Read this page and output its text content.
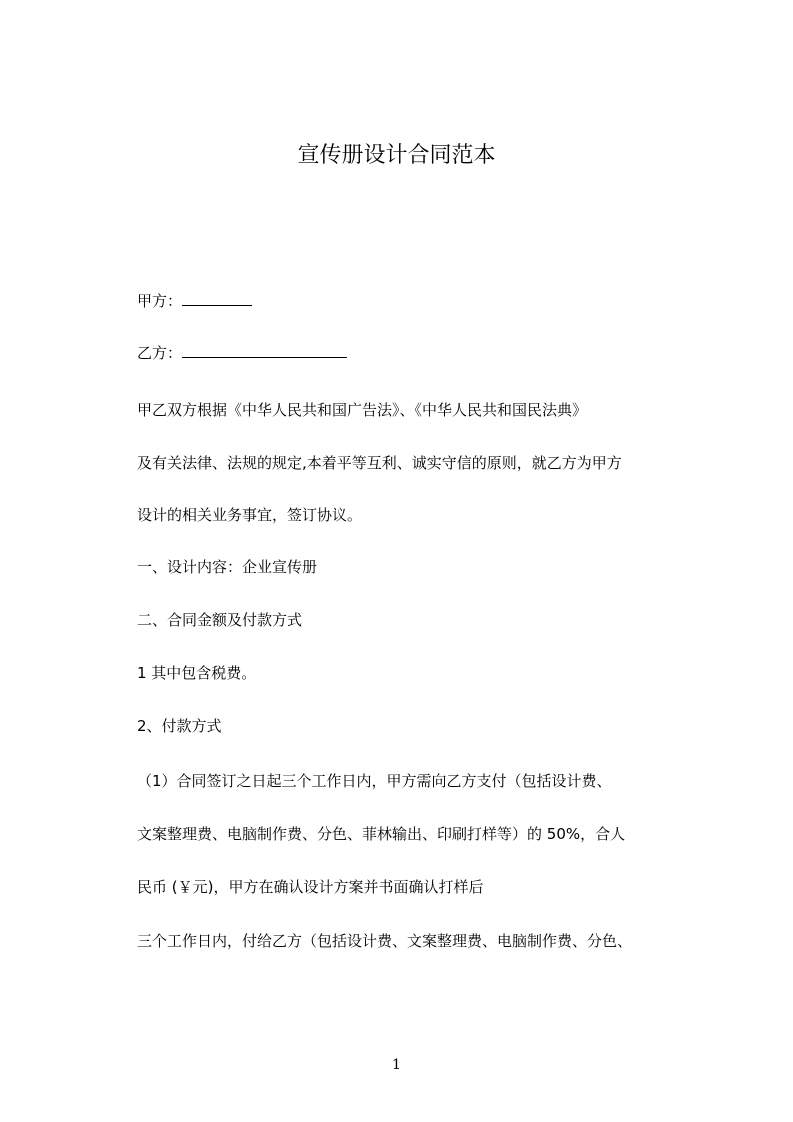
宣传册设计合同范本
甲方：
乙方：
甲乙双方根据《中华人民共和国广告法》、《中华人民共和国民法典》
及有关法律、法规的规定,本着平等互利、诚实守信的原则，就乙方为甲方
设计的相关业务事宜，签订协议。
一、设计内容：企业宣传册
二、合同金额及付款方式
1 其中包含税费。
2、付款方式
（1）合同签订之日起三个工作日内，甲方需向乙方支付（包括设计费、
文案整理费、电脑制作费、分色、菲林输出、印刷打样等）的 50%，合人
民币 (￥元)，甲方在确认设计方案并书面确认打样后
三个工作日内，付给乙方（包括设计费、文案整理费、电脑制作费、分色、
1
